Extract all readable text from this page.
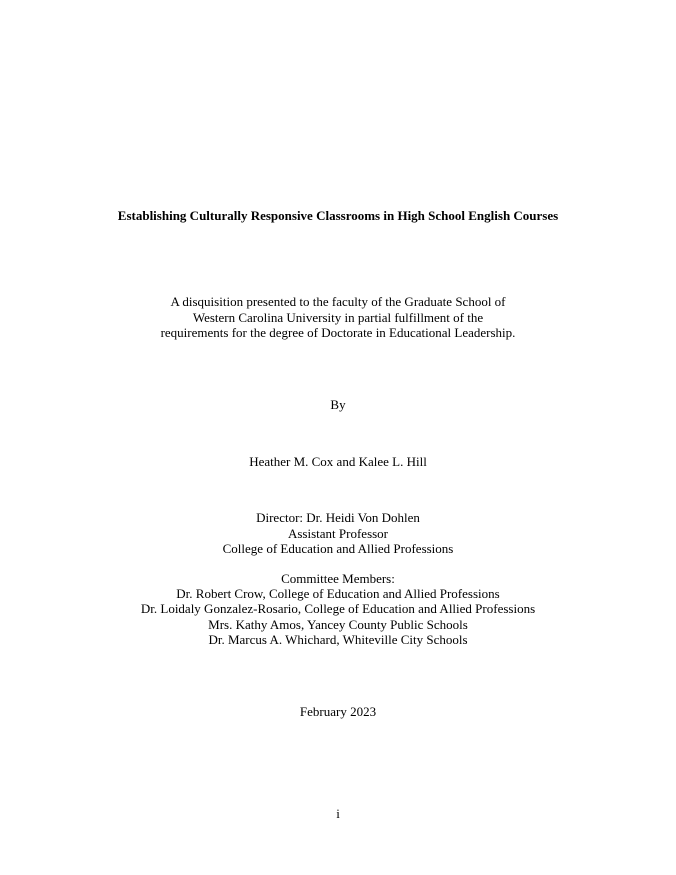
Establishing Culturally Responsive Classrooms in High School English Courses
A disquisition presented to the faculty of the Graduate School of
Western Carolina University in partial fulfillment of the
requirements for the degree of Doctorate in Educational Leadership.
By
Heather M. Cox and Kalee L. Hill
Director: Dr. Heidi Von Dohlen
Assistant Professor
College of Education and Allied Professions
Committee Members:
Dr. Robert Crow, College of Education and Allied Professions
Dr. Loidaly Gonzalez-Rosario, College of Education and Allied Professions
Mrs. Kathy Amos, Yancey County Public Schools
Dr. Marcus A. Whichard, Whiteville City Schools
February 2023
i
